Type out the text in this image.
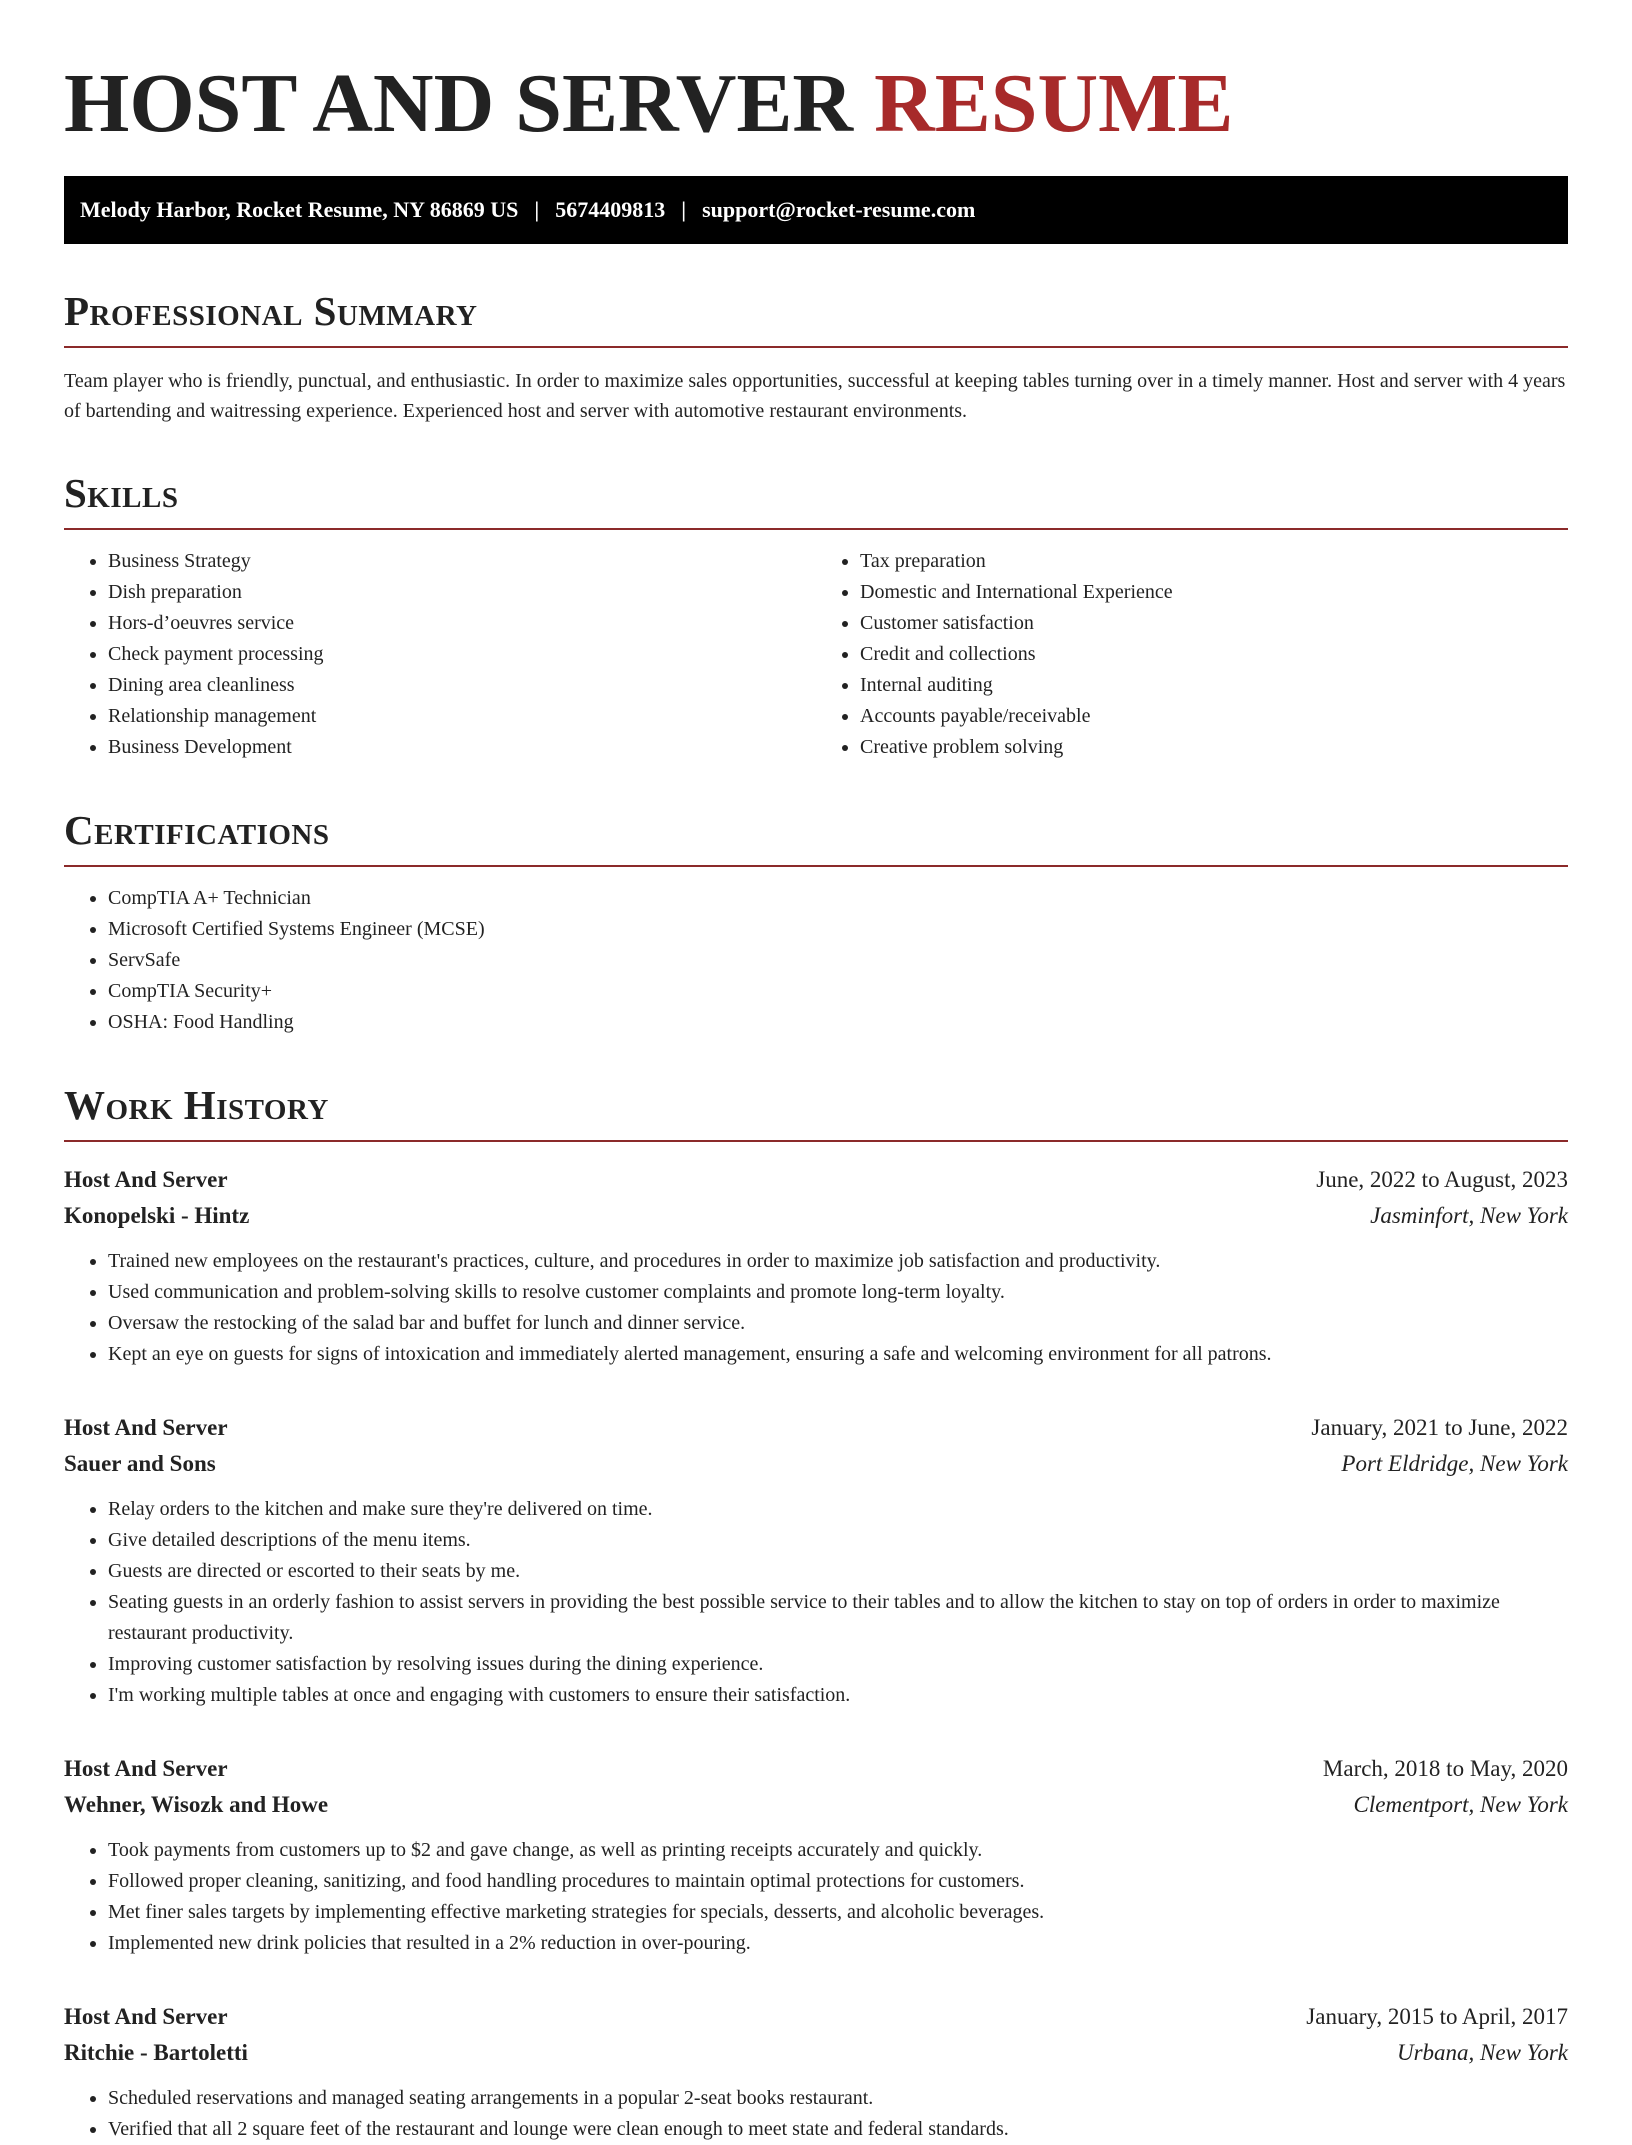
HOST AND SERVER RESUME
Melody Harbor, Rocket Resume, NY 86869 US | 5674409813 | support@rocket-resume.com
Professional Summary

Team player who is friendly, punctual, and enthusiastic. In order to maximize sales opportunities, successful at keeping tables turning over in a timely manner. Host and server with 4 years of bartending and waitressing experience. Experienced host and server with automotive restaurant environments.

Skills
• Business Strategy
• Dish preparation
• Hors-d’oeuvres service
• Check payment processing
• Dining area cleanliness
• Relationship management
• Business Development
• Tax preparation
• Domestic and International Experience
• Customer satisfaction
• Credit and collections
• Internal auditing
• Accounts payable/receivable
• Creative problem solving
Certifications
• CompTIA A+ Technician
• Microsoft Certified Systems Engineer (MCSE)
• ServSafe
• CompTIA Security+
• OSHA: Food Handling
Work History
Host And Server	June, 2022 to August, 2023
Konopelski - Hintz	Jasminfort, New York
• Trained new employees on the restaurant's practices, culture, and procedures in order to maximize job satisfaction and productivity.
• Used communication and problem-solving skills to resolve customer complaints and promote long-term loyalty.
• Oversaw the restocking of the salad bar and buffet for lunch and dinner service.
• Kept an eye on guests for signs of intoxication and immediately alerted management, ensuring a safe and welcoming environment for all patrons.
Host And Server	January, 2021 to June, 2022
Sauer and Sons	Port Eldridge, New York
• Relay orders to the kitchen and make sure they're delivered on time.
• Give detailed descriptions of the menu items.
• Guests are directed or escorted to their seats by me.
• Seating guests in an orderly fashion to assist servers in providing the best possible service to their tables and to allow the kitchen to stay on top of orders in order to maximize restaurant productivity.
• Improving customer satisfaction by resolving issues during the dining experience.
• I'm working multiple tables at once and engaging with customers to ensure their satisfaction.
Host And Server	March, 2018 to May, 2020
Wehner, Wisozk and Howe	Clementport, New York
• Took payments from customers up to $2 and gave change, as well as printing receipts accurately and quickly.
• Followed proper cleaning, sanitizing, and food handling procedures to maintain optimal protections for customers.
• Met finer sales targets by implementing effective marketing strategies for specials, desserts, and alcoholic beverages.
• Implemented new drink policies that resulted in a 2% reduction in over-pouring.
Host And Server	January, 2015 to April, 2017
Ritchie - Bartoletti	Urbana, New York
• Scheduled reservations and managed seating arrangements in a popular 2-seat books restaurant.
• Verified that all 2 square feet of the restaurant and lounge were clean enough to meet state and federal standards.
